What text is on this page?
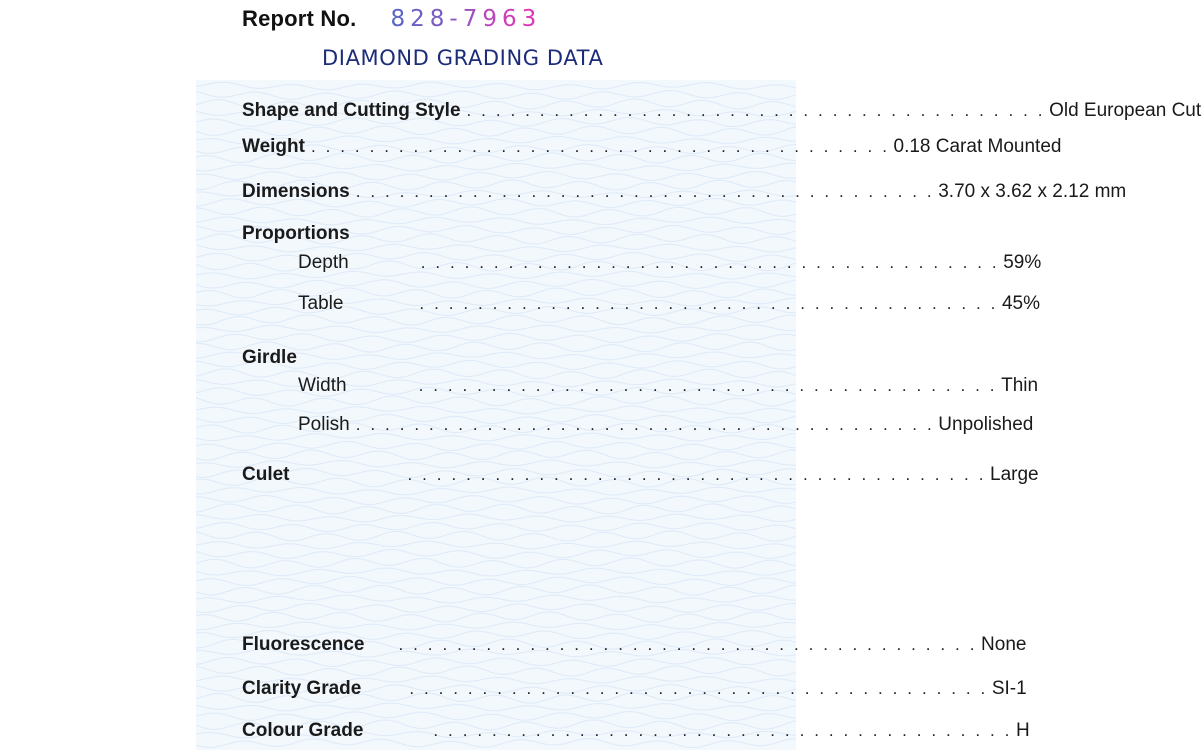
Report No. 828-7963
DIAMOND GRADING DATA
Shape and Cutting Style . . . . . . . . . . . . . . . . . . . . . . . . . . . . . . . . . . . . . . . . Old European Cut
Weight . . . . . . . . . . . . . . . . . . . . . . . . . . . . . . . . . . . . . . . . 0.18 Carat Mounted
Dimensions . . . . . . . . . . . . . . . . . . . . . . . . . . . . . . . . . . . . . . . . 3.70 x 3.62 x 2.12 mm
Proportions
Depth	. . . . . . . . . . . . . . . . . . . . . . . . . . . . . . . . . . . . . . . . 59%
Table	. . . . . . . . . . . . . . . . . . . . . . . . . . . . . . . . . . . . . . . . 45%
Girdle
Width	. . . . . . . . . . . . . . . . . . . . . . . . . . . . . . . . . . . . . . . . Thin
Polish . . . . . . . . . . . . . . . . . . . . . . . . . . . . . . . . . . . . . . . . Unpolished
Culet	. . . . . . . . . . . . . . . . . . . . . . . . . . . . . . . . . . . . . . . . Large
Fluorescence . . . . . . . . . . . . . . . . . . . . . . . . . . . . . . . . . . . . . . . . None
Clarity Grade	. . . . . . . . . . . . . . . . . . . . . . . . . . . . . . . . . . . . . . . . SI-1
Colour Grade	. . . . . . . . . . . . . . . . . . . . . . . . . . . . . . . . . . . . . . . . H
